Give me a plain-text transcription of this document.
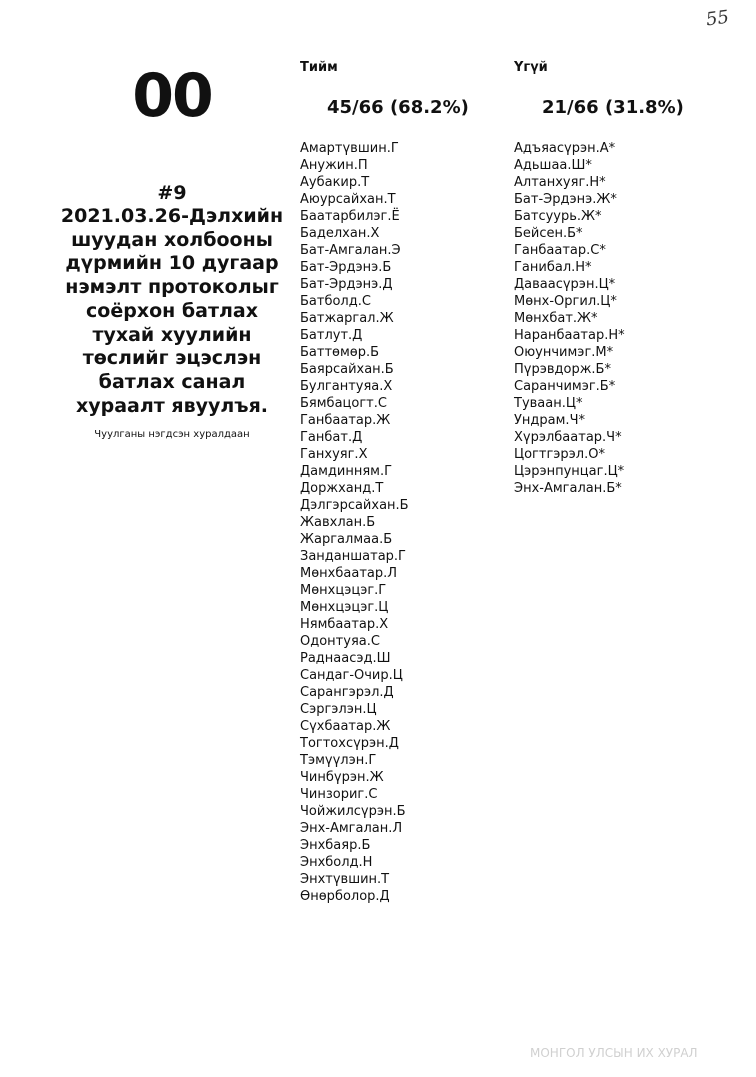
55
00
#9
2021.03.26-Дэлхийн шуудан холбооны дүрмийн 10 дугаар нэмэлт протоколыг соёрхон батлах тухай хуулийн төслийг эцэслэн батлах санал хураалт явуулъя.
Чуулганы нэгдсэн хуралдаан
Тийм
45/66 (68.2%)
Амартүвшин.Г
Анужин.П
Аубакир.Т
Аюурсайхан.Т
Баатарбилэг.Ё
Баделхан.Х
Бат-Амгалан.Э
Бат-Эрдэнэ.Б
Бат-Эрдэнэ.Д
Батболд.С
Батжаргал.Ж
Батлут.Д
Баттөмөр.Б
Баярсайхан.Б
Булгантуяа.Х
Бямбацогт.С
Ганбаатар.Ж
Ганбат.Д
Ганхуяг.Х
Дамдинням.Г
Доржханд.Т
Дэлгэрсайхан.Б
Жавхлан.Б
Жаргалмаа.Б
Занданшатар.Г
Мөнхбаатар.Л
Мөнхцэцэг.Г
Мөнхцэцэг.Ц
Нямбаатар.Х
Одонтуяа.С
Раднаасэд.Ш
Сандаг-Очир.Ц
Сарангэрэл.Д
Сэргэлэн.Ц
Сүхбаатар.Ж
Тогтохсүрэн.Д
Тэмүүлэн.Г
Чинбүрэн.Ж
Чинзориг.С
Чойжилсүрэн.Б
Энх-Амгалан.Л
Энхбаяр.Б
Энхболд.Н
Энхтүвшин.Т
Өнөрболор.Д
Үгүй
21/66 (31.8%)
Адъяасүрэн.А*
Адьшаа.Ш*
Алтанхуяг.Н*
Бат-Эрдэнэ.Ж*
Батсуурь.Ж*
Бейсен.Б*
Ганбаатар.С*
Ганибал.Н*
Даваасүрэн.Ц*
Мөнх-Оргил.Ц*
Мөнхбат.Ж*
Наранбаатар.Н*
Оюунчимэг.М*
Пүрэвдорж.Б*
Саранчимэг.Б*
Туваан.Ц*
Ундрам.Ч*
Хүрэлбаатар.Ч*
Цогтгэрэл.О*
Цэрэнпунцаг.Ц*
Энх-Амгалан.Б*
МОНГОЛ УЛСЫН ИХ ХУРАЛ
